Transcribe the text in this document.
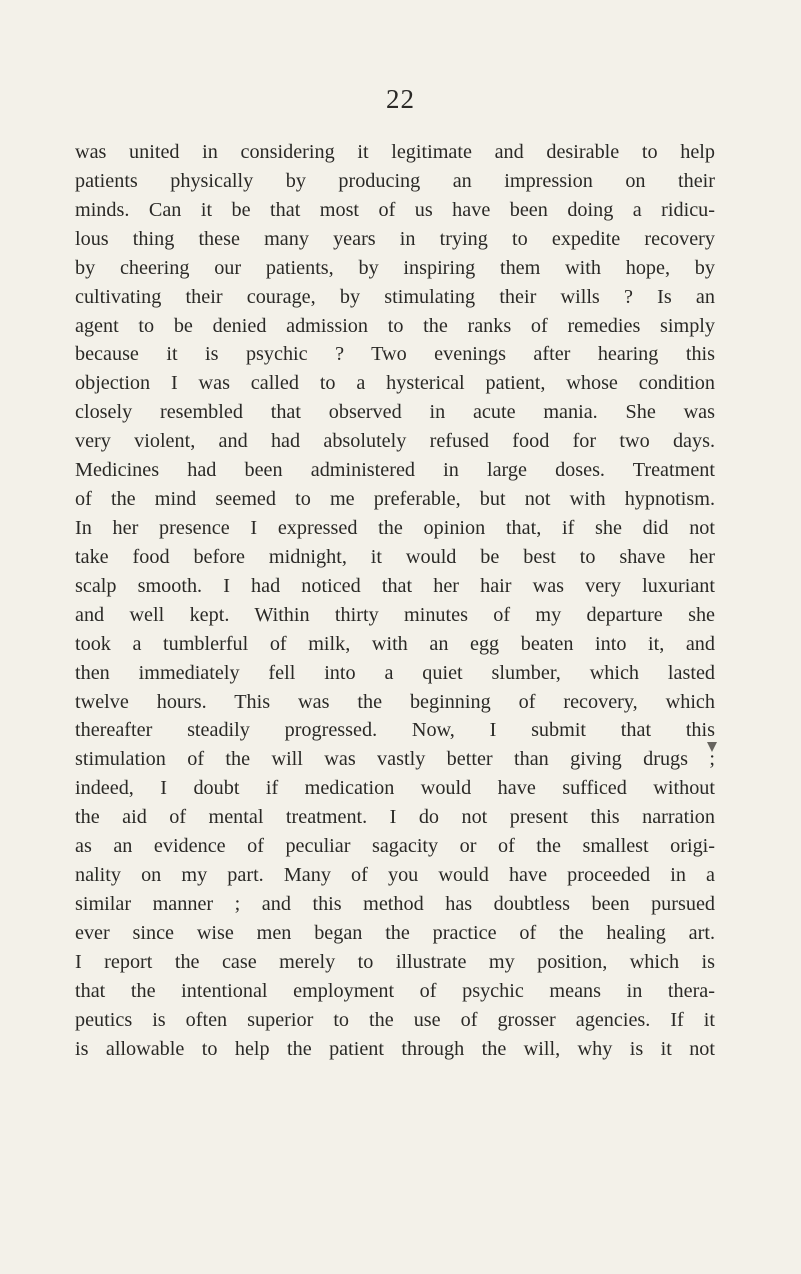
22
was united in considering it legitimate and desirable to help
patients physically by producing an impression on their
minds. Can it be that most of us have been doing a ridicu-
lous thing these many years in trying to expedite recovery
by cheering our patients, by inspiring them with hope, by
cultivating their courage, by stimulating their wills ? Is an
agent to be denied admission to the ranks of remedies simply
because it is psychic ? Two evenings after hearing this
objection I was called to a hysterical patient, whose condition
closely resembled that observed in acute mania. She was
very violent, and had absolutely refused food for two days.
Medicines had been administered in large doses. Treatment
of the mind seemed to me preferable, but not with hypnotism.
In her presence I expressed the opinion that, if she did not
take food before midnight, it would be best to shave her
scalp smooth. I had noticed that her hair was very luxuriant
and well kept. Within thirty minutes of my departure she
took a tumblerful of milk, with an egg beaten into it, and
then immediately fell into a quiet slumber, which lasted
twelve hours. This was the beginning of recovery, which
thereafter steadily progressed. Now, I submit that this
stimulation of the will was vastly better than giving drugs ;
indeed, I doubt if medication would have sufficed without
the aid of mental treatment. I do not present this narration
as an evidence of peculiar sagacity or of the smallest origi-
nality on my part. Many of you would have proceeded in a
similar manner ; and this method has doubtless been pursued
ever since wise men began the practice of the healing art.
I report the case merely to illustrate my position, which is
that the intentional employment of psychic means in thera-
peutics is often superior to the use of grosser agencies. If it
is allowable to help the patient through the will, why is it not
